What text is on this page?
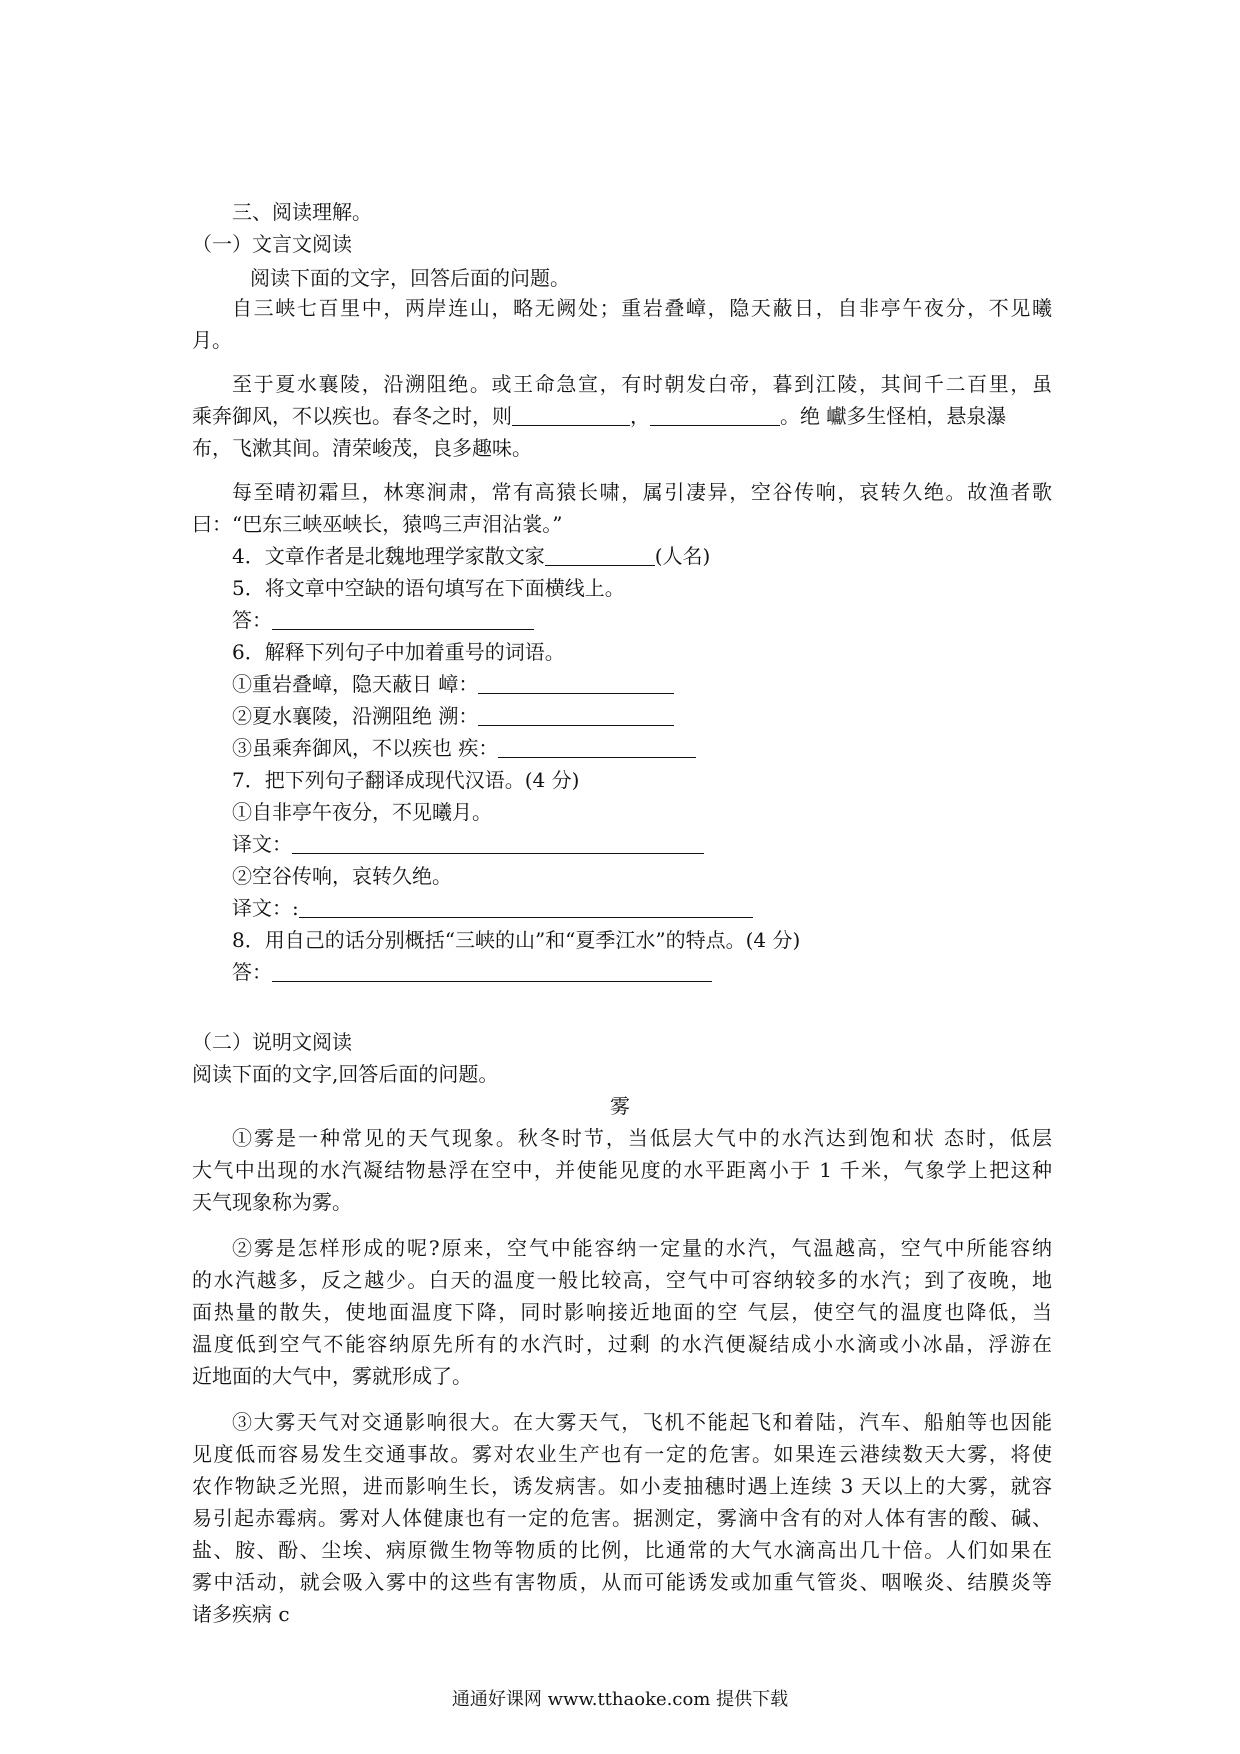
三、阅读理解。
（一）文言文阅读
阅读下面的文字，回答后面的问题。
自三峡七百里中，两岸连山，略无阙处；重岩叠嶂，隐天蔽日，自非亭午夜分，不见曦
月。
至于夏水襄陵，沿溯阻绝。或王命急宣，有时朝发白帝，暮到江陵，其间千二百里，虽
乘奔御风，不以疾也。春冬之时，则	，	。绝 巘多生怪柏，悬泉瀑
布，飞漱其间。清荣峻茂，良多趣味。
每至晴初霜旦，林寒涧肃，常有高猿长啸，属引凄异，空谷传响，哀转久绝。故渔者歌
曰：“巴东三峡巫峡长，猿鸣三声泪沾裳。”
4．文章作者是北魏地理学家散文家	(人名)
5．将文章中空缺的语句填写在下面横线上。
答：
6．解释下列句子中加着重号的词语。
①重岩叠嶂，隐天蔽日 嶂：
②夏水襄陵，沿溯阻绝 溯：
③虽乘奔御风，不以疾也 疾：
7．把下列句子翻译成现代汉语。(4 分)
①自非亭午夜分，不见曦月。
译文：
②空谷传响，哀转久绝。
译文：:
8．用自己的话分别概括“三峡的山”和“夏季江水”的特点。(4 分)
答：
（二）说明文阅读
阅读下面的文字,回答后面的问题。
雾
①雾是一种常见的天气现象。秋冬时节，当低层大气中的水汽达到饱和状 态时，低层
大气中出现的水汽凝结物悬浮在空中，并使能见度的水平距离小于 1 千米，气象学上把这种
天气现象称为雾。
②雾是怎样形成的呢?原来，空气中能容纳一定量的水汽，气温越高，空气中所能容纳
的水汽越多，反之越少。白天的温度一般比较高，空气中可容纳较多的水汽；到了夜晚，地
面热量的散失，使地面温度下降，同时影响接近地面的空 气层，使空气的温度也降低，当
温度低到空气不能容纳原先所有的水汽时，过剩 的水汽便凝结成小水滴或小冰晶，浮游在
近地面的大气中，雾就形成了。
③大雾天气对交通影响很大。在大雾天气，飞机不能起飞和着陆，汽车、船舶等也因能
见度低而容易发生交通事故。雾对农业生产也有一定的危害。如果连云港续数天大雾，将使
农作物缺乏光照，进而影响生长，诱发病害。如小麦抽穗时遇上连续 3 天以上的大雾，就容
易引起赤霉病。雾对人体健康也有一定的危害。据测定，雾滴中含有的对人体有害的酸、碱、
盐、胺、酚、尘埃、病原微生物等物质的比例，比通常的大气水滴高出几十倍。人们如果在
雾中活动，就会吸入雾中的这些有害物质，从而可能诱发或加重气管炎、咽喉炎、结膜炎等
诸多疾病 c
通通好课网 www.tthaoke.com 提供下载
